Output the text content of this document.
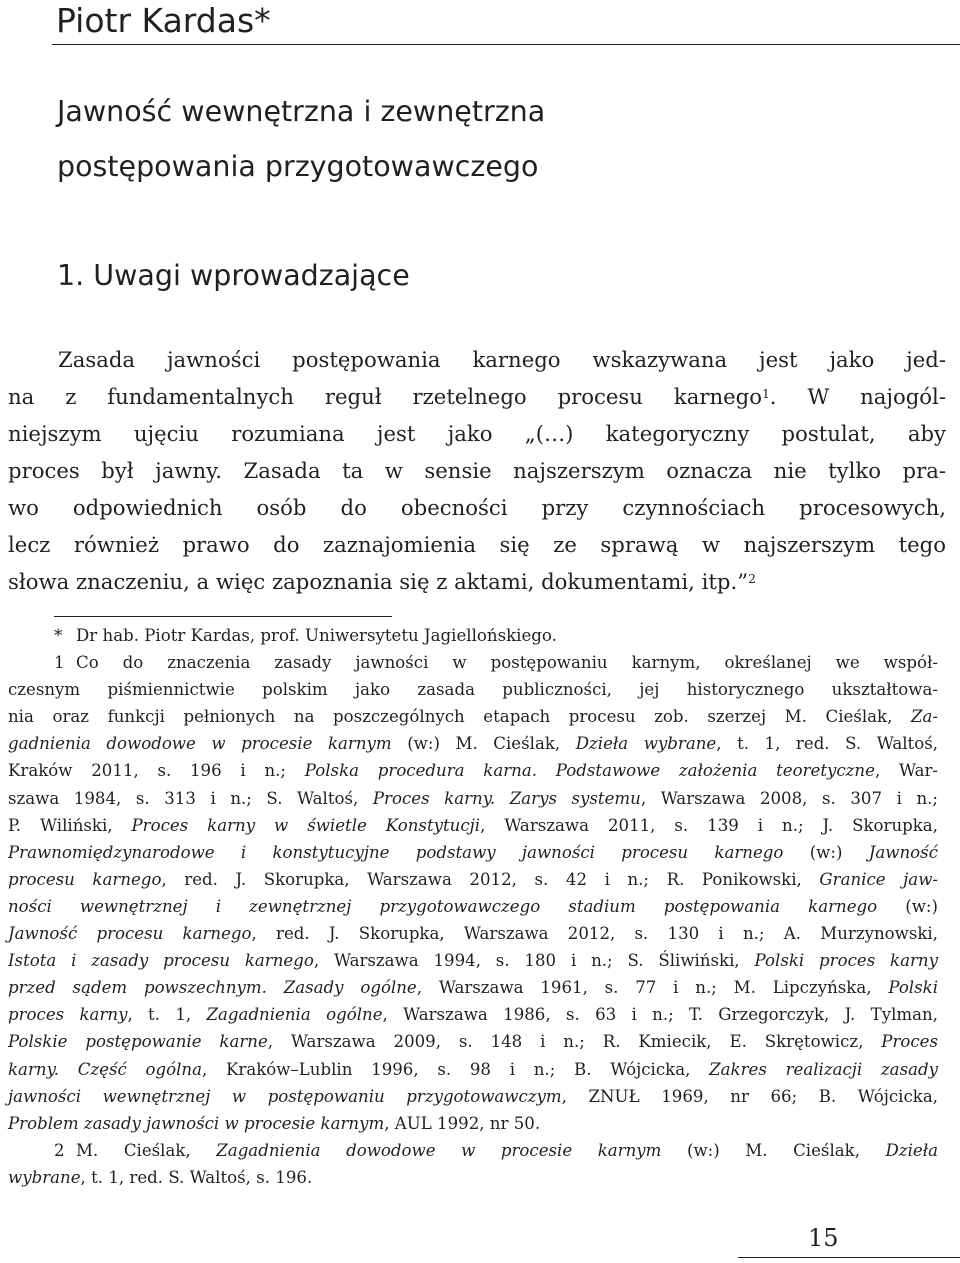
Piotr Kardas*
Jawność wewnętrzna i zewnętrzna
postępowania przygotowawczego
1. Uwagi wprowadzające
Zasada jawności postępowania karnego wskazywana jest jako jed-
na z fundamentalnych reguł rzetelnego procesu karnego$^1$. W najogól-
niejszym ujęciu rozumiana jest jako „(…) kategoryczny postulat, aby
proces był jawny. Zasada ta w sensie najszerszym oznacza nie tylko pra-
wo odpowiednich osób do obecności przy czynnościach procesowych,
lecz również prawo do zaznajomienia się ze sprawą w najszerszym tego
słowa znaczeniu, a więc zapoznania się z aktami, dokumentami, itp.”$^2$
* Dr hab. Piotr Kardas, prof. Uniwersytetu Jagiellońskiego.
1 Co do znaczenia zasady jawności w postępowaniu karnym, określanej we współ-
czesnym piśmiennictwie polskim jako zasada publiczności, jej historycznego ukształtowa-
nia oraz funkcji pełnionych na poszczególnych etapach procesu zob. szerzej M. Cieślak, Za-
gadnienia dowodowe w procesie karnym (w:) M. Cieślak, Dzieła wybrane, t. 1, red. S. Waltoś,
Kraków 2011, s. 196 i n.; Polska procedura karna. Podstawowe założenia teoretyczne, War-
szawa 1984, s. 313 i n.; S. Waltoś, Proces karny. Zarys systemu, Warszawa 2008, s. 307 i n.;
P. Wiliński, Proces karny w świetle Konstytucji, Warszawa 2011, s. 139 i n.; J. Skorupka,
Prawnomiędzynarodowe i konstytucyjne podstawy jawności procesu karnego (w:) Jawność
procesu karnego, red. J. Skorupka, Warszawa 2012, s. 42 i n.; R. Ponikowski, Granice jaw-
ności wewnętrznej i zewnętrznej przygotowawczego stadium postępowania karnego (w:)
Jawność procesu karnego, red. J. Skorupka, Warszawa 2012, s. 130 i n.; A. Murzynowski,
Istota i zasady procesu karnego, Warszawa 1994, s. 180 i n.; S. Śliwiński, Polski proces karny
przed sądem powszechnym. Zasady ogólne, Warszawa 1961, s. 77 i n.; M. Lipczyńska, Polski
proces karny, t. 1, Zagadnienia ogólne, Warszawa 1986, s. 63 i n.; T. Grzegorczyk, J. Tylman,
Polskie postępowanie karne, Warszawa 2009, s. 148 i n.; R. Kmiecik, E. Skrętowicz, Proces
karny. Część ogólna, Kraków–Lublin 1996, s. 98 i n.; B. Wójcicka, Zakres realizacji zasady
jawności wewnętrznej w postępowaniu przygotowawczym, ZNUŁ 1969, nr 66; B. Wójcicka,
Problem zasady jawności w procesie karnym, AUL 1992, nr 50.
2 M. Cieślak, Zagadnienia dowodowe w procesie karnym (w:) M. Cieślak, Dzieła
wybrane, t. 1, red. S. Waltoś, s. 196.
15
